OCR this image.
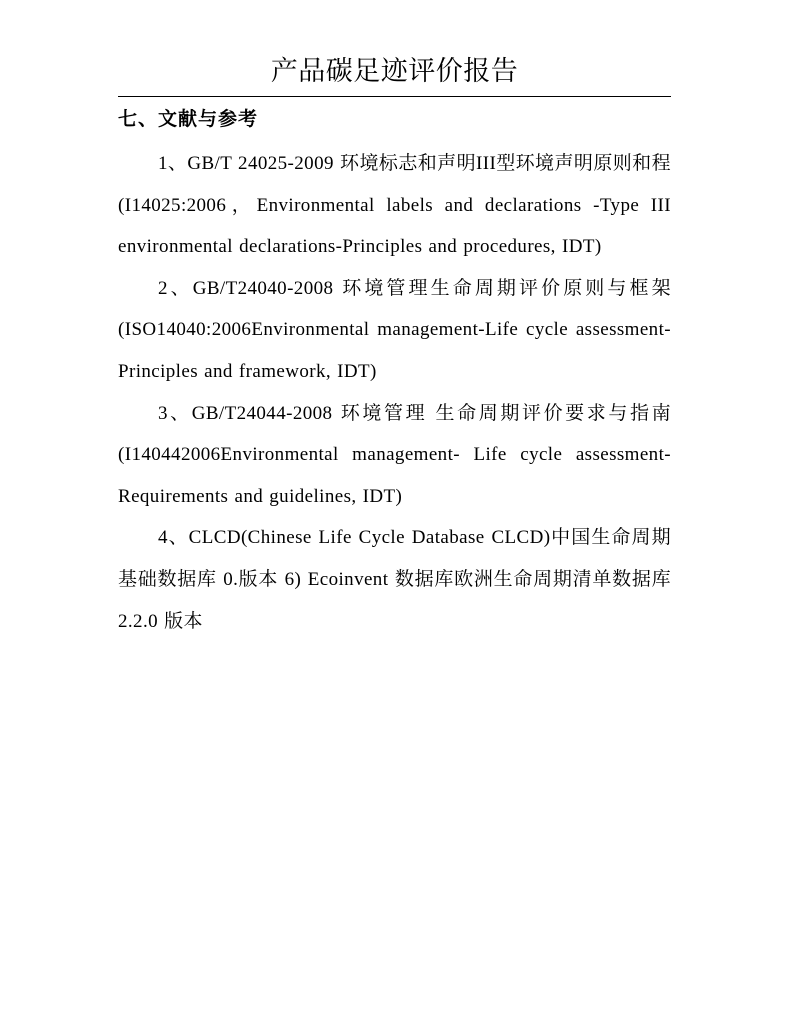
产品碳足迹评价报告
七、文献与参考
1、GB/T 24025-2009 环境标志和声明III型环境声明原则和程(I14025:2006，Environmental labels and declarations -Type III environmental declarations-Principles and procedures, IDT)
2、GB/T24040-2008 环境管理生命周期评价原则与框架(ISO14040:2006Environmental management-Life cycle assessment-Principles and framework, IDT)
3、GB/T24044-2008 环境管理 生命周期评价要求与指南(I140442006Environmental management- Life cycle assessment-Requirements and guidelines, IDT)
4、CLCD(Chinese Life Cycle Database CLCD)中国生命周期基础数据库 0.版本 6) Ecoinvent 数据库欧洲生命周期清单数据库 2.2.0 版本
